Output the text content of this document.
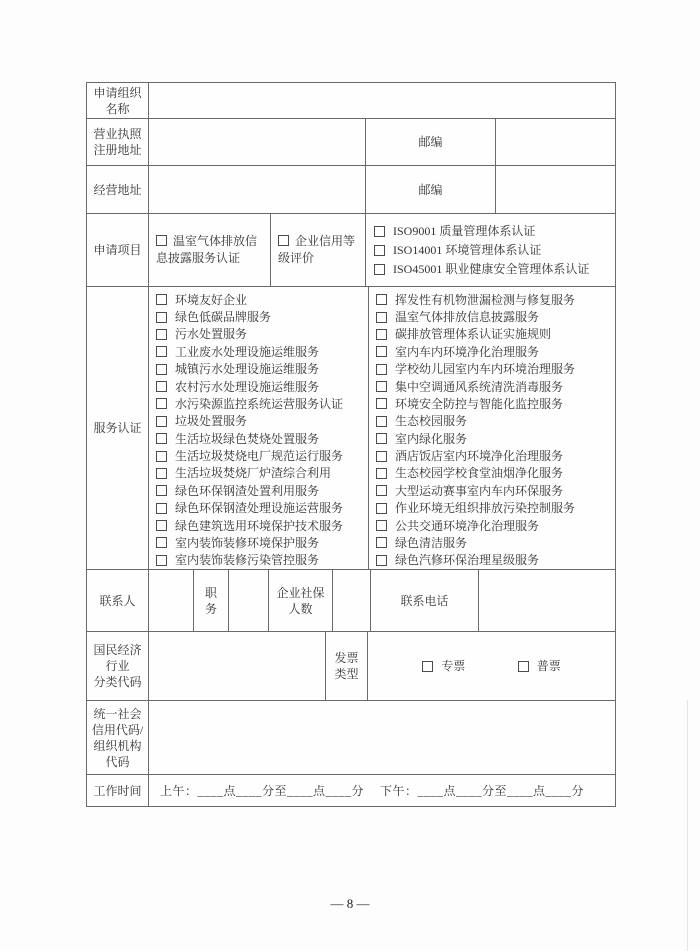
申请组织
名称
营业执照
注册地址
邮编
经营地址	邮编
申请项目
温室气体排放信息披露服务认证
企业信用等级评价
ISO9001 质量管理体系认证
ISO14001 环境管理体系认证
ISO45001 职业健康安全管理体系认证
服务认证
环境友好企业
绿色低碳品牌服务
污水处置服务
工业废水处理设施运维服务
城镇污水处理设施运维服务
农村污水处理设施运维服务
水污染源监控系统运营服务认证
垃圾处置服务
生活垃圾绿色焚烧处置服务
生活垃圾焚烧电厂规范运行服务
生活垃圾焚烧厂炉渣综合利用
绿色环保钢渣处置利用服务
绿色环保钢渣处理设施运营服务
绿色建筑选用环境保护技术服务
室内装饰装修环境保护服务
室内装饰装修污染管控服务
挥发性有机物泄漏检测与修复服务
温室气体排放信息披露服务
碳排放管理体系认证实施规则
室内车内环境净化治理服务
学校幼儿园室内车内环境治理服务
集中空调通风系统清洗消毒服务
环境安全防控与智能化监控服务
生态校园服务
室内绿化服务
酒店饭店室内环境净化治理服务
生态校园学校食堂油烟净化服务
大型运动赛事室内车内环保服务
作业环境无组织排放污染控制服务
公共交通环境净化治理服务
绿色清洁服务
绿色汽修环保治理星级服务
联系人
职
务
企业社保
人数
联系电话
国民经济
行业
分类代码
发票
类型
专票	普票
统一社会
信用代码/
组织机构
代码
工作时间 上午：____点____分至____点____分　 下午：____点____分至____点____分
— 8 —
